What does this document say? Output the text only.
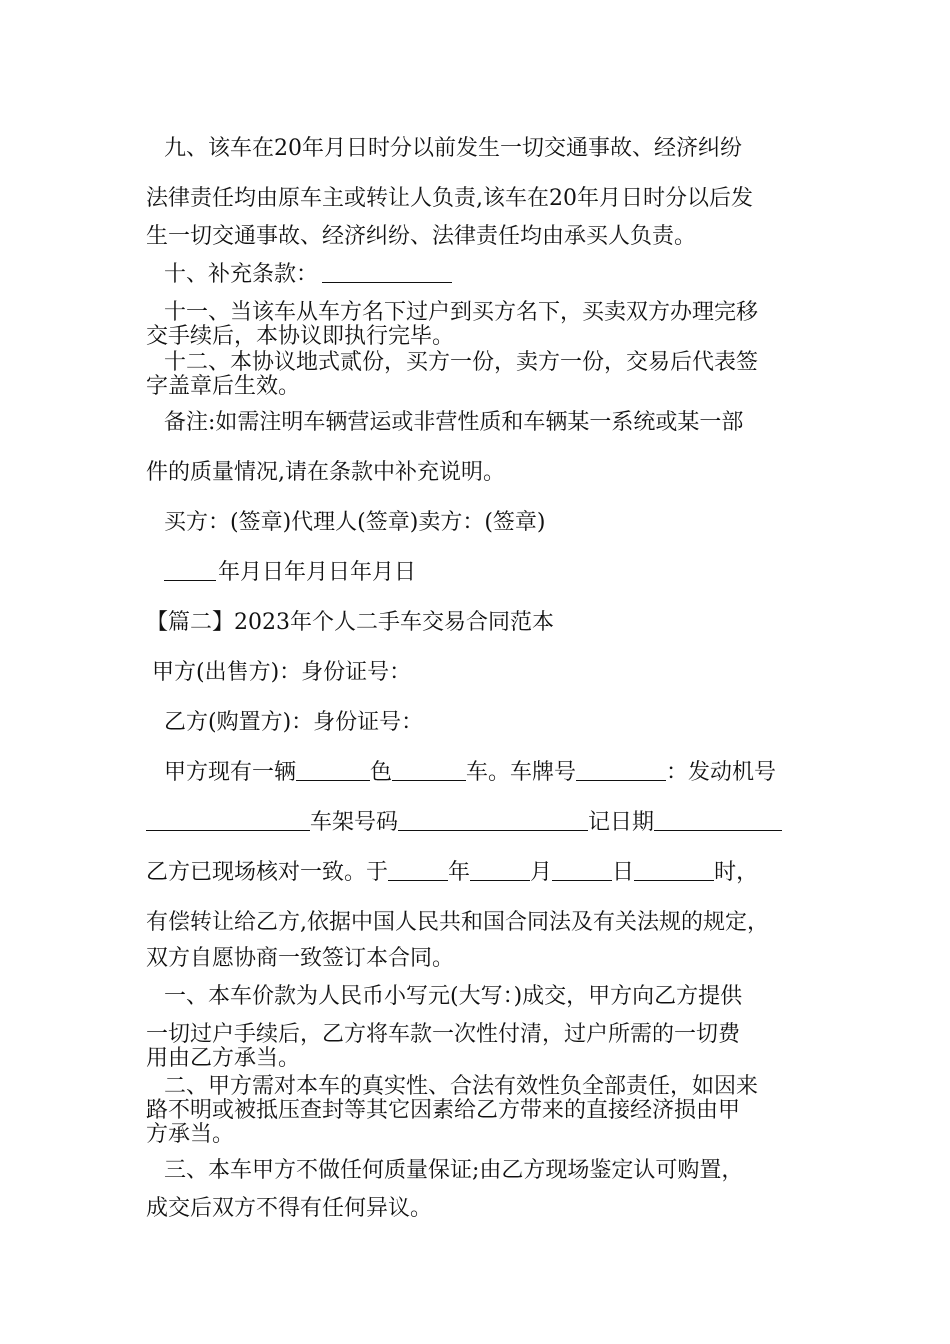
九、该车在20年月日时分以前发生一切交通事故、经济纠纷

法律责任均由原车主或转让人负责,该车在20年月日时分以后发

生一切交通事故、经济纠纷、法律责任均由承买人负责。

十、补充条款：

十一、当该车从车方名下过户到买方名下，买卖双方办理完移

交手续后，本协议即执行完毕。

十二、本协议地式贰份，买方一份，卖方一份，交易后代表签

字盖章后生效。

备注:如需注明车辆营运或非营性质和车辆某一系统或某一部

件的质量情况,请在条款中补充说明。

买方：(签章)代理人(签章)卖方：(签章)

年月日年月日年月日

【篇二】2023年个人二手车交易合同范本

甲方(出售方)：身份证号：

乙方(购置方)：身份证号：

甲方现有一辆	色	车。车牌号	：发动机号

车架号码	记日期

乙方已现场核对一致。于	年	月	日	时，

有偿转让给乙方,依据中国人民共和国合同法及有关法规的规定，

双方自愿协商一致签订本合同。

一、本车价款为人民币小写元(大写：)成交，甲方向乙方提供

一切过户手续后，乙方将车款一次性付清，过户所需的一切费

用由乙方承当。

二、甲方需对本车的真实性、合法有效性负全部责任，如因来

路不明或被抵压查封等其它因素给乙方带来的直接经济损由甲

方承当。

三、本车甲方不做任何质量保证;由乙方现场鉴定认可购置，

成交后双方不得有任何异议。
